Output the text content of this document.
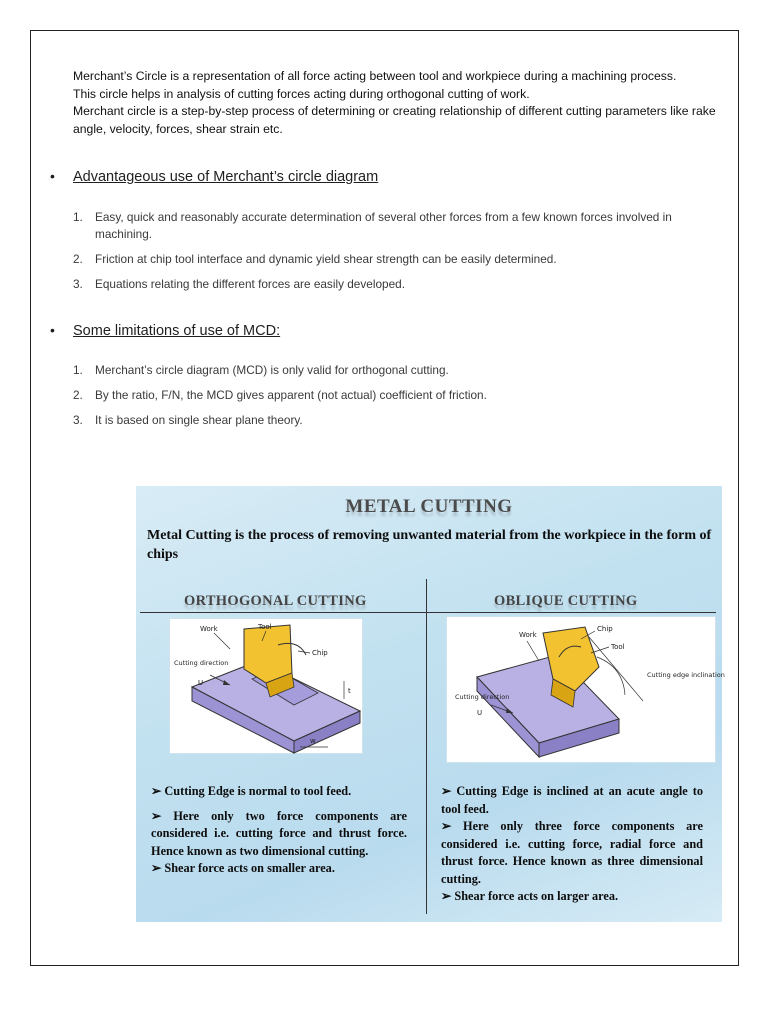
Merchant’s Circle is a representation of all force acting between tool and workpiece during a machining process.

This circle helps in analysis of cutting forces acting during orthogonal cutting of work.

Merchant circle is a step-by-step process of determining or creating relationship of different cutting parameters like rake angle, velocity, forces, shear strain etc.

• Advantageous use of Merchant’s circle diagram
1.	Easy, quick and reasonably accurate determination of several other forces from a few known forces involved in machining.
2.	Friction at chip tool interface and dynamic yield shear strength can be easily determined.
3.	Equations relating the different forces are easily developed.
• Some limitations of use of MCD:
1.	Merchant’s circle diagram (MCD) is only valid for orthogonal cutting.
2.	By the ratio, F/N, the MCD gives apparent (not actual) coefficient of friction.
3.	It is based on single shear plane theory.
METAL CUTTING
Metal Cutting is the process of removing unwanted material from the workpiece in the form of chips
ORTHOGONAL CUTTING	OBLIQUE CUTTING
Work	Tool
Chip
Cutting direction
U
t
w
Work
Chip
Tool
Cutting edge inclination
Cutting direction
U

➢ Cutting Edge is normal to tool feed.

➢ Here only two force components are considered i.e. cutting force and thrust force. Hence known as two dimensional cutting.

➢ Shear force acts on smaller area.

➢ Cutting Edge is inclined at an acute angle to tool feed.

➢ Here only three force components are considered i.e. cutting force, radial force and thrust force. Hence known as three dimensional cutting.

➢ Shear force acts on larger area.
